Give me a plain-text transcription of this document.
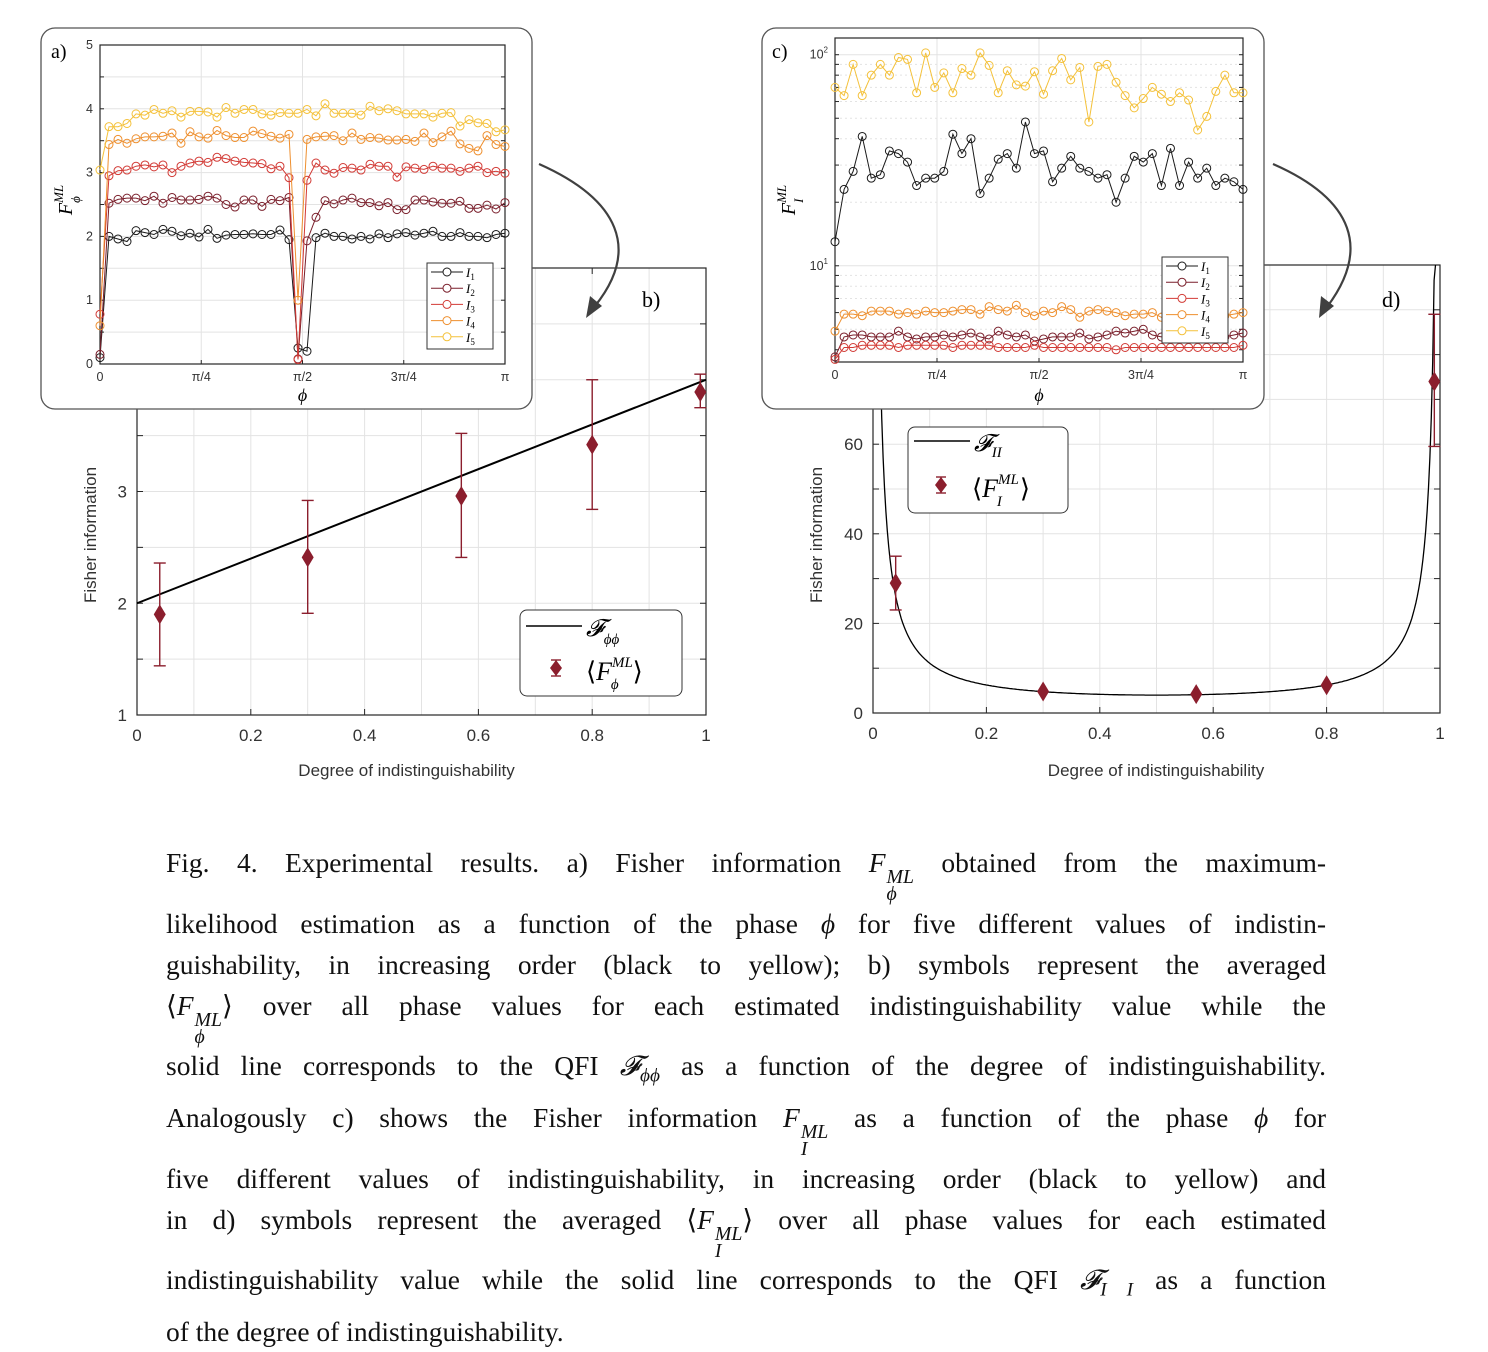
0	0.2	0.4	0.6	0.8	1
1
2
3
Degree of indistinguishability
Fisher information
b)
𝓕$_{\phi\phi}$
$⟨F^{ML}$ ϕ ⟩
0	0.2	0.4	0.6	0.8	1
0
20
40
60
Degree of indistinguishability
Fisher information
d)
𝓕$_{II}$
$⟨F^{ML}$ I ⟩
0	π/4	π/2	3π/4	π
0
1
2
3
4
5
ϕ
$F^{ML}$ ϕ
a)
$I_1$
$I_2$
$I_3$
$I_4$
$I_5$
0	π/4	π/2	3π/4	π
$10^1$
$10^2$
ϕ
$F^{ML}$ I
c)
$I_1$
$I_2$
$I_3$
$I_4$
$I_5$

Fig. 4. Experimental results. a) Fisher information F ML
ϕ
obtained from the maximum-

likelihood estimation as a function of the phase ϕ for five different values of indistin-

guishability, in increasing order (black to yellow); b) symbols represent the averaged

⟨F ML
ϕ
⟩ over all phase values for each estimated indistinguishability value while the

solid line corresponds to the QFI 𝓕$_{\phi\phi}$ as a function of the degree of indistinguishability.

Analogously c) shows the Fisher information F ML
I
as a function of the phase ϕ for

five different values of indistinguishability, in increasing order (black to yellow) and

in d) symbols represent the averaged ⟨F ML
I
⟩ over all phase values for each estimated

indistinguishability value while the solid line corresponds to the QFI 𝓕$_{I I}$ as a function

of the degree of indistinguishability.
